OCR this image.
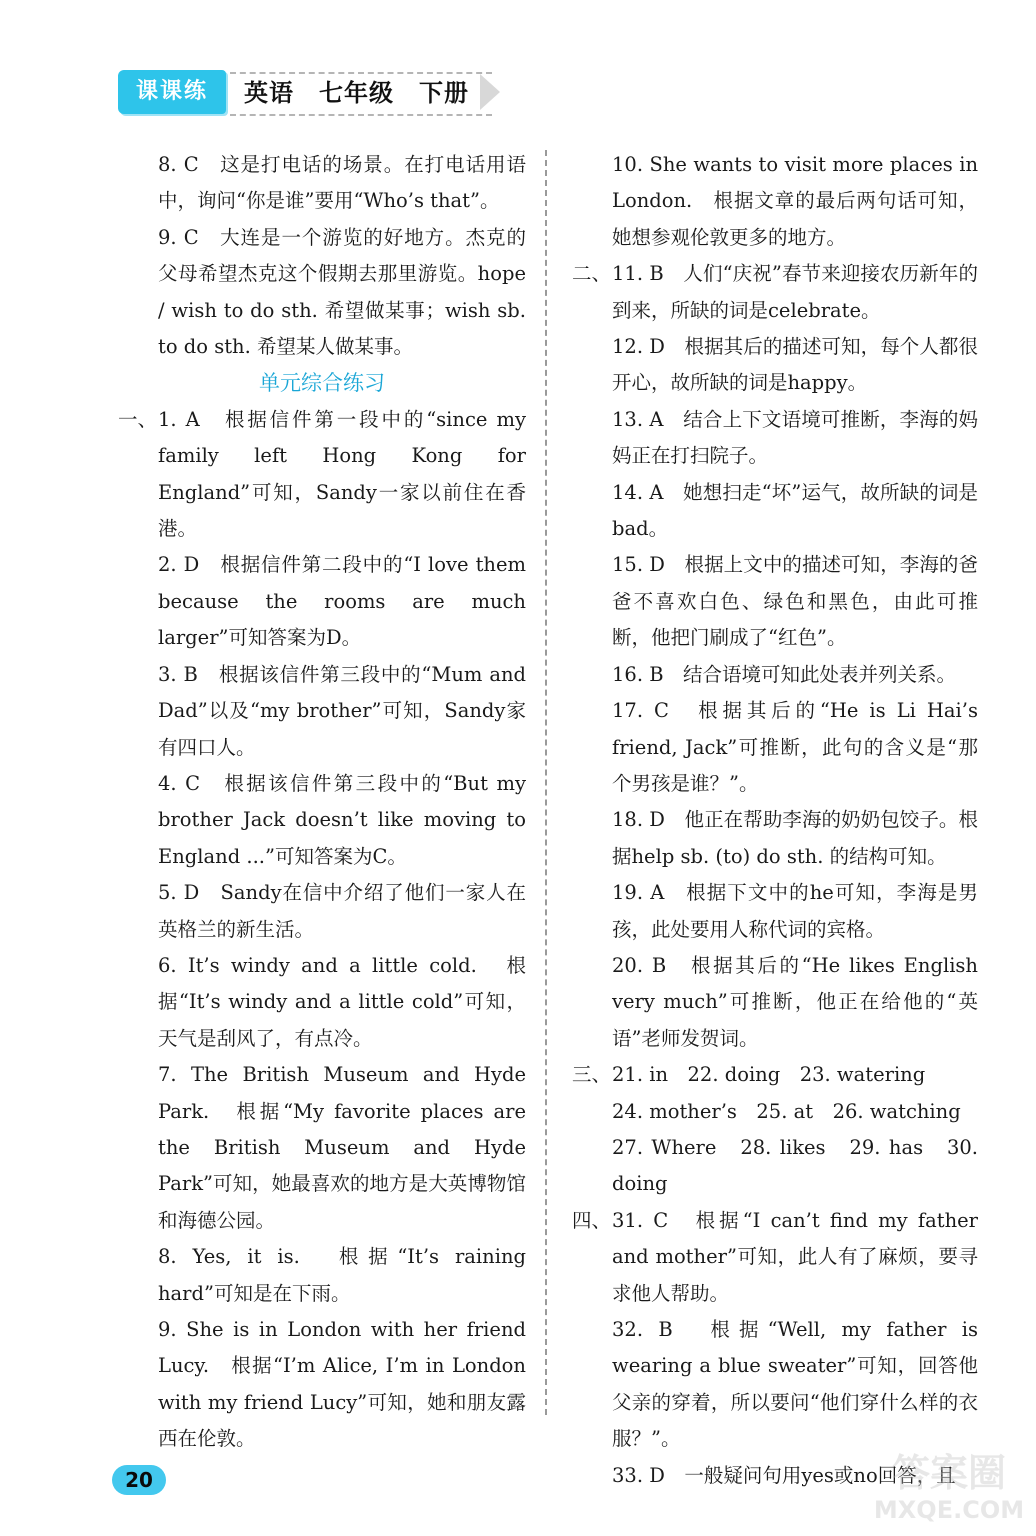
课课练	英语　七年级　下册

8. C　这是打电话的场景。在打电话用语中，询问“你是谁”要用“Who’s that”。

9. C　大连是一个游览的好地方。杰克的父母希望杰克这个假期去那里游览。hope / wish to do sth. 希望做某事；wish sb. to do sth. 希望某人做某事。

单元综合练习

一、 1. A　根据信件第一段中的“since my family left Hong Kong for England”可知，Sandy一家以前住在香港。

2. D　根据信件第二段中的“I love them because the rooms are much larger”可知答案为D。

3. B　根据该信件第三段中的“Mum and Dad”以及“my brother”可知，Sandy家有四口人。

4. C　根据该信件第三段中的“But my brother Jack doesn’t like moving to England ...”可知答案为C。

5. D　Sandy在信中介绍了他们一家人在英格兰的新生活。

6. It’s windy and a little cold.　根据“It’s windy and a little cold”可知，天气是刮风了，有点冷。

7. The British Museum and Hyde Park.　根据“My favorite places are the British Museum and Hyde Park”可知，她最喜欢的地方是大英博物馆和海德公园。

8. Yes, it is.　根据“It’s raining hard”可知是在下雨。

9. She is in London with her friend Lucy.　根据“I’m Alice, I’m in London with my friend Lucy”可知，她和朋友露西在伦敦。

10. She wants to visit more places in London.　根据文章的最后两句话可知，她想参观伦敦更多的地方。

二、 11. B　人们“庆祝”春节来迎接农历新年的到来，所缺的词是celebrate。

12. D　根据其后的描述可知，每个人都很开心，故所缺的词是happy。

13. A　结合上下文语境可推断，李海的妈妈正在打扫院子。

14. A　她想扫走“坏”运气，故所缺的词是bad。

15. D　根据上文中的描述可知，李海的爸爸不喜欢白色、绿色和黑色，由此可推断，他把门刷成了“红色”。

16. B　结合语境可知此处表并列关系。

17. C　根据其后的“He is Li Hai’s friend, Jack”可推断，此句的含义是“那个男孩是谁？”。

18. D　他正在帮助李海的奶奶包饺子。根据help sb. (to) do sth. 的结构可知。

19. A　根据下文中的he可知，李海是男孩，此处要用人称代词的宾格。

20. B　根据其后的“He likes English very much”可推断，他正在给他的“英语”老师发贺词。

三、 21. in　22. doing　23. watering

24. mother’s　25. at　26. watching

27. Where　28. likes　29. has　30. doing

四、 31. C　根据“I can’t find my father and mother”可知，此人有了麻烦，要寻求他人帮助。

32. B　根据“Well, my father is wearing a blue sweater”可知，回答他父亲的穿着，所以要问“他们穿什么样的衣服？”。

33. D　一般疑问句用yes或no回答，且

20	答案圈
MXQE.COM
